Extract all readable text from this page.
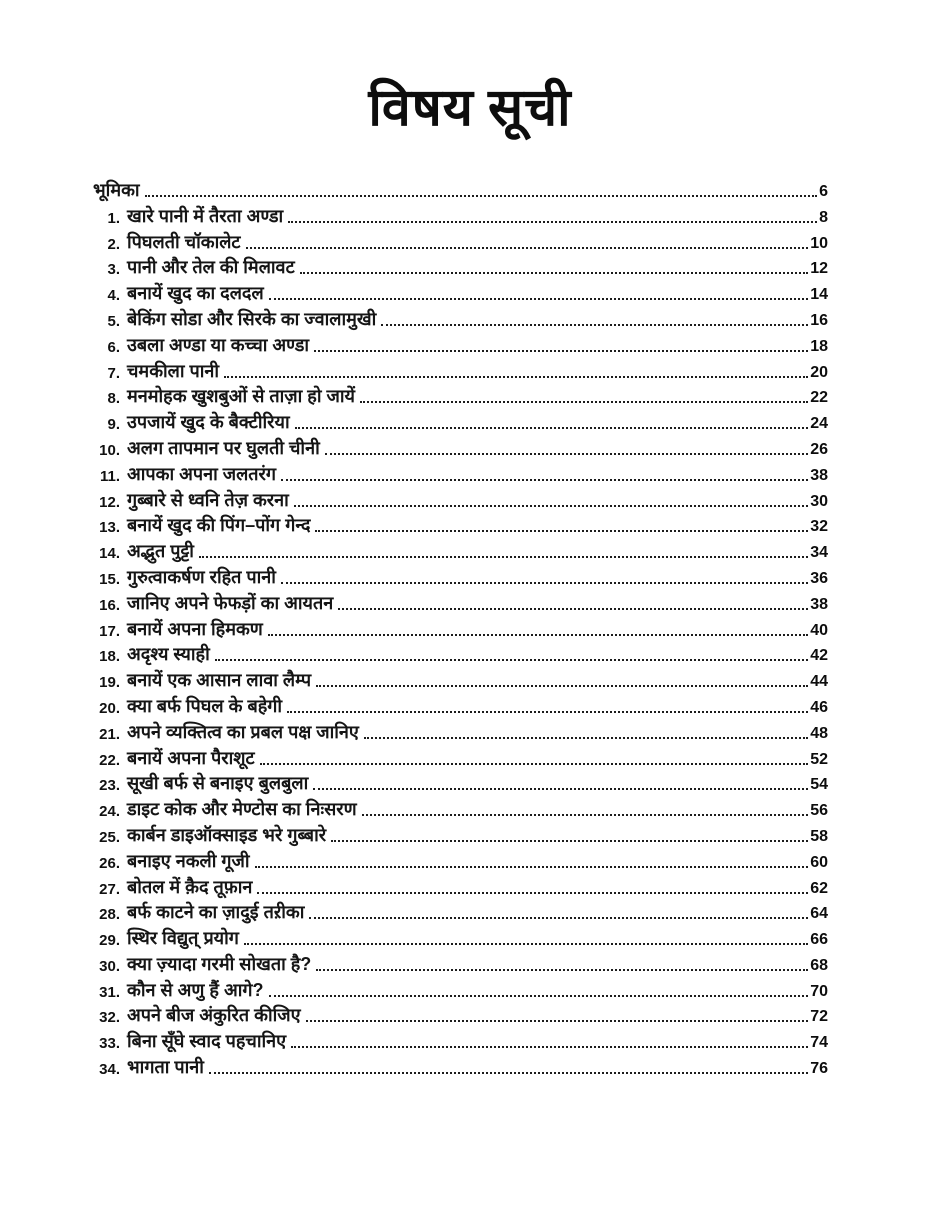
विषय सूची
भूमिका	6
1. खारे पानी में तैरता अण्डा	8
2. पिघलती चॉकालेट	10
3. पानी और तेल की मिलावट	12
4. बनायें खुद का दलदल	14
5. बेकिंग सोडा और सिरके का ज्वालामुखी	16
6. उबला अण्डा या कच्चा अण्डा	18
7. चमकीला पानी	20
8. मनमोहक खुशबुओं से ताज़ा हो जायें	22
9. उपजायें खुद के बैक्टीरिया	24
10. अलग तापमान पर घुलती चीनी	26
11. आपका अपना जलतरंग	38
12. गुब्बारे से ध्वनि तेज़ करना	30
13. बनायें खुद की पिंग–पोंग गेन्द	32
14. अद्भुत पुट्टी	34
15. गुरुत्वाकर्षण रहित पानी	36
16. जानिए अपने फेफड़ों का आयतन	38
17. बनायें अपना हिमकण	40
18. अदृश्य स्याही	42
19. बनायें एक आसान लावा लैम्प	44
20. क्या बर्फ पिघल के बहेगी	46
21. अपने व्यक्तित्व का प्रबल पक्ष जानिए	48
22. बनायें अपना पैराशूट	52
23. सूखी बर्फ से बनाइए बुलबुला	54
24. डाइट कोक और मेण्टोस का निःसरण	56
25. कार्बन डाइऑक्साइड भरे गुब्बारे	58
26. बनाइए नकली गूजी	60
27. बोतल में क़ैद तूफ़ान	62
28. बर्फ काटने का ज़ादुई तऱीका	64
29. स्थिर विद्युत् प्रयोग	66
30. क्या ज़्यादा गरमी सोखता है?	68
31. कौन से अणु हैं आगे?	70
32. अपने बीज अंकुरित कीजिए	72
33. बिना सूँघे स्वाद पहचानिए	74
34. भागता पानी	76
